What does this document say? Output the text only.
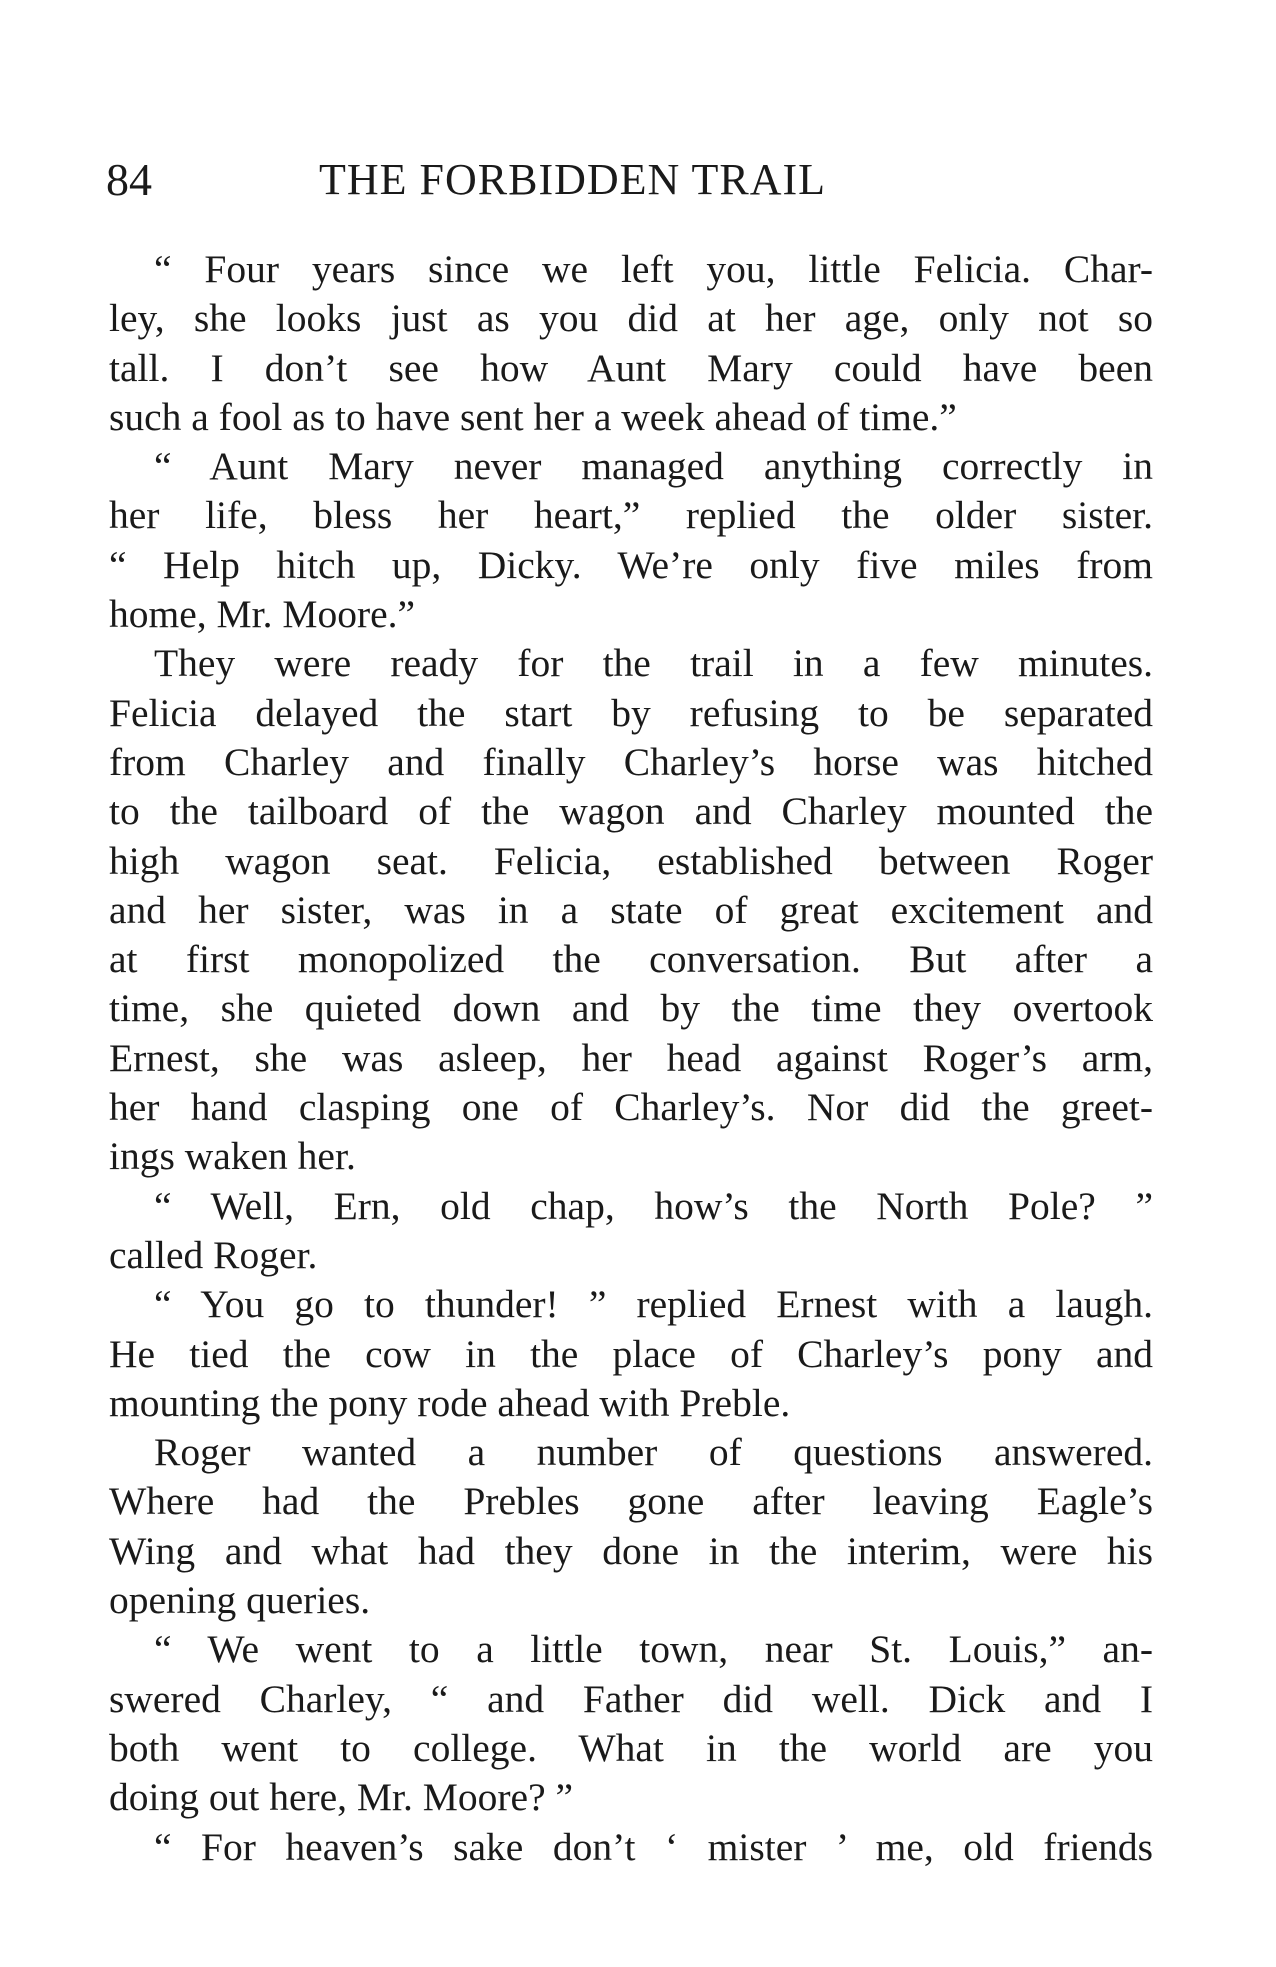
84	THE FORBIDDEN TRAIL
“ Four years since we left you, little Felicia. Char-
ley, she looks just as you did at her age, only not so
tall. I don’t see how Aunt Mary could have been
such a fool as to have sent her a week ahead of time.”
“ Aunt Mary never managed anything correctly in
her life, bless her heart,” replied the older sister.
“ Help hitch up, Dicky. We’re only five miles from
home, Mr. Moore.”
They were ready for the trail in a few minutes.
Felicia delayed the start by refusing to be separated
from Charley and finally Charley’s horse was hitched
to the tailboard of the wagon and Charley mounted the
high wagon seat. Felicia, established between Roger
and her sister, was in a state of great excitement and
at first monopolized the conversation. But after a
time, she quieted down and by the time they overtook
Ernest, she was asleep, her head against Roger’s arm,
her hand clasping one of Charley’s. Nor did the greet-
ings waken her.
“ Well, Ern, old chap, how’s the North Pole? ”
called Roger.
“ You go to thunder! ” replied Ernest with a laugh.
He tied the cow in the place of Charley’s pony and
mounting the pony rode ahead with Preble.
Roger wanted a number of questions answered.
Where had the Prebles gone after leaving Eagle’s
Wing and what had they done in the interim, were his
opening queries.
“ We went to a little town, near St. Louis,” an-
swered Charley, “ and Father did well. Dick and I
both went to college. What in the world are you
doing out here, Mr. Moore? ”
“ For heaven’s sake don’t ‘ mister ’ me, old friends
